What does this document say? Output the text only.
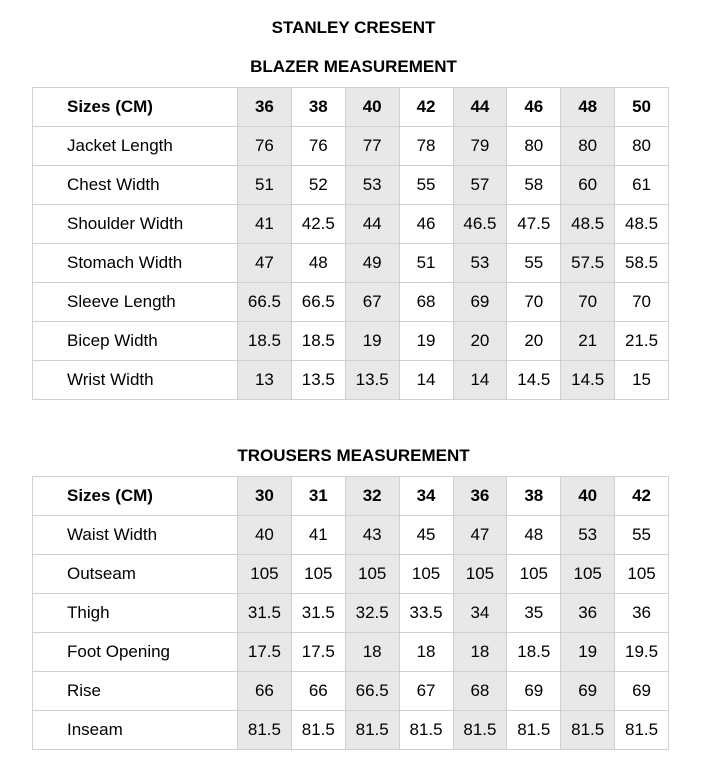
STANLEY CRESENT
BLAZER MEASUREMENT
Sizes (CM)	36	38	40	42	44	46	48	50
Jacket Length	76	76	77	78	79	80	80	80
Chest Width	51	52	53	55	57	58	60	61
Shoulder Width	41	42.5	44	46	46.5	47.5	48.5	48.5
Stomach Width	47	48	49	51	53	55	57.5	58.5
Sleeve Length	66.5	66.5	67	68	69	70	70	70
Bicep Width	18.5	18.5	19	19	20	20	21	21.5
Wrist Width	13	13.5	13.5	14	14	14.5	14.5	15
TROUSERS MEASUREMENT
Sizes (CM)	30	31	32	34	36	38	40	42
Waist Width	40	41	43	45	47	48	53	55
Outseam	105	105	105	105	105	105	105	105
Thigh	31.5	31.5	32.5	33.5	34	35	36	36
Foot Opening	17.5	17.5	18	18	18	18.5	19	19.5
Rise	66	66	66.5	67	68	69	69	69
Inseam	81.5	81.5	81.5	81.5	81.5	81.5	81.5	81.5
